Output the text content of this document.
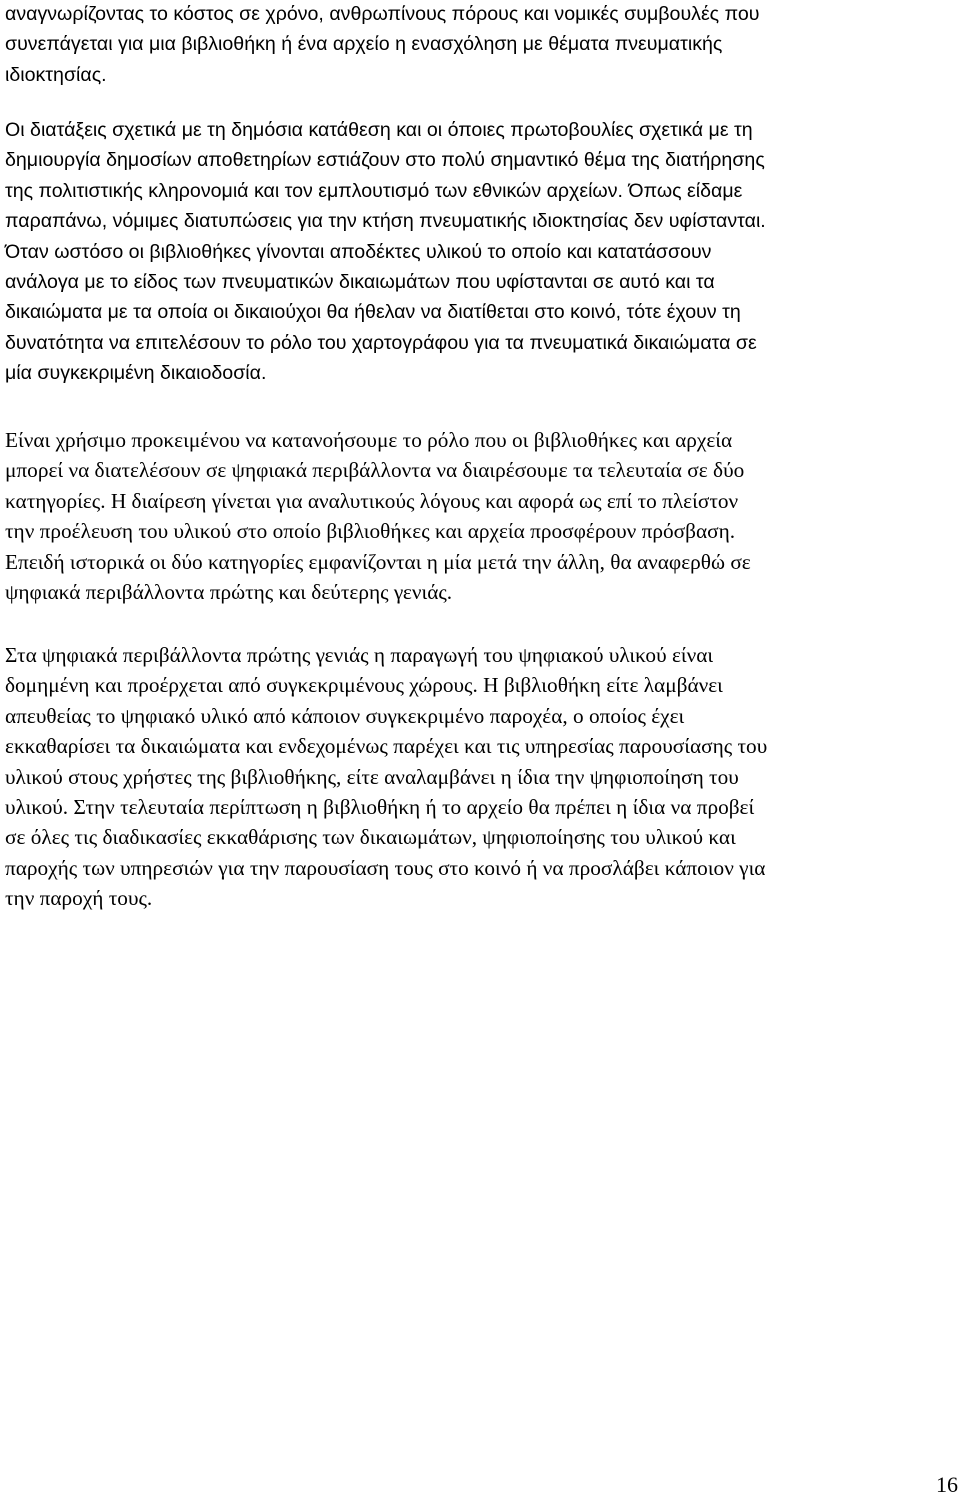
αναγνωρίζοντας το κόστος σε χρόνο, ανθρωπίνους πόρους και νομικές συμβουλές που
συνεπάγεται για μια βιβλιοθήκη ή ένα αρχείο η ενασχόληση με θέματα πνευματικής
ιδιοκτησίας.
Οι διατάξεις σχετικά με τη δημόσια κατάθεση και οι όποιες πρωτοβουλίες σχετικά με τη
δημιουργία δημοσίων αποθετηρίων εστιάζουν στο πολύ σημαντικό θέμα της διατήρησης
της πολιτιστικής κληρονομιά και τον εμπλουτισμό των εθνικών αρχείων. Όπως είδαμε
παραπάνω, νόμιμες διατυπώσεις για την κτήση πνευματικής ιδιοκτησίας δεν υφίστανται.
Όταν ωστόσο οι βιβλιοθήκες γίνονται αποδέκτες υλικού το οποίο και κατατάσσουν
ανάλογα με το είδος των πνευματικών δικαιωμάτων που υφίστανται σε αυτό και τα
δικαιώματα με τα οποία οι δικαιούχοι θα ήθελαν να διατίθεται στο κοινό, τότε έχουν τη
δυνατότητα να επιτελέσουν το ρόλο του χαρτογράφου για τα πνευματικά δικαιώματα σε
μία συγκεκριμένη δικαιοδοσία.
Είναι χρήσιμο προκειμένου να κατανοήσουμε το ρόλο που οι βιβλιοθήκες και αρχεία
μπορεί να διατελέσουν σε ψηφιακά περιβάλλοντα να διαιρέσουμε τα τελευταία σε δύο
κατηγορίες. Η διαίρεση γίνεται για αναλυτικούς λόγους και αφορά ως επί το πλείστον
την προέλευση του υλικού στο οποίο βιβλιοθήκες και αρχεία προσφέρουν πρόσβαση.
Επειδή ιστορικά οι δύο κατηγορίες εμφανίζονται η μία μετά την άλλη, θα αναφερθώ σε
ψηφιακά περιβάλλοντα πρώτης και δεύτερης γενιάς.
Στα ψηφιακά περιβάλλοντα πρώτης γενιάς η παραγωγή του ψηφιακού υλικού είναι
δομημένη και προέρχεται από συγκεκριμένους χώρους. Η βιβλιοθήκη είτε λαμβάνει
απευθείας το ψηφιακό υλικό από κάποιον συγκεκριμένο παροχέα, ο οποίος έχει
εκκαθαρίσει τα δικαιώματα και ενδεχομένως παρέχει και τις υπηρεσίας παρουσίασης του
υλικού στους χρήστες της βιβλιοθήκης, είτε αναλαμβάνει η ίδια την ψηφιοποίηση του
υλικού. Στην τελευταία περίπτωση η βιβλιοθήκη ή το αρχείο θα πρέπει η ίδια να προβεί
σε όλες τις διαδικασίες εκκαθάρισης των δικαιωμάτων, ψηφιοποίησης του υλικού και
παροχής των υπηρεσιών για την παρουσίαση τους στο κοινό ή να προσλάβει κάποιον για
την παροχή τους.
16
